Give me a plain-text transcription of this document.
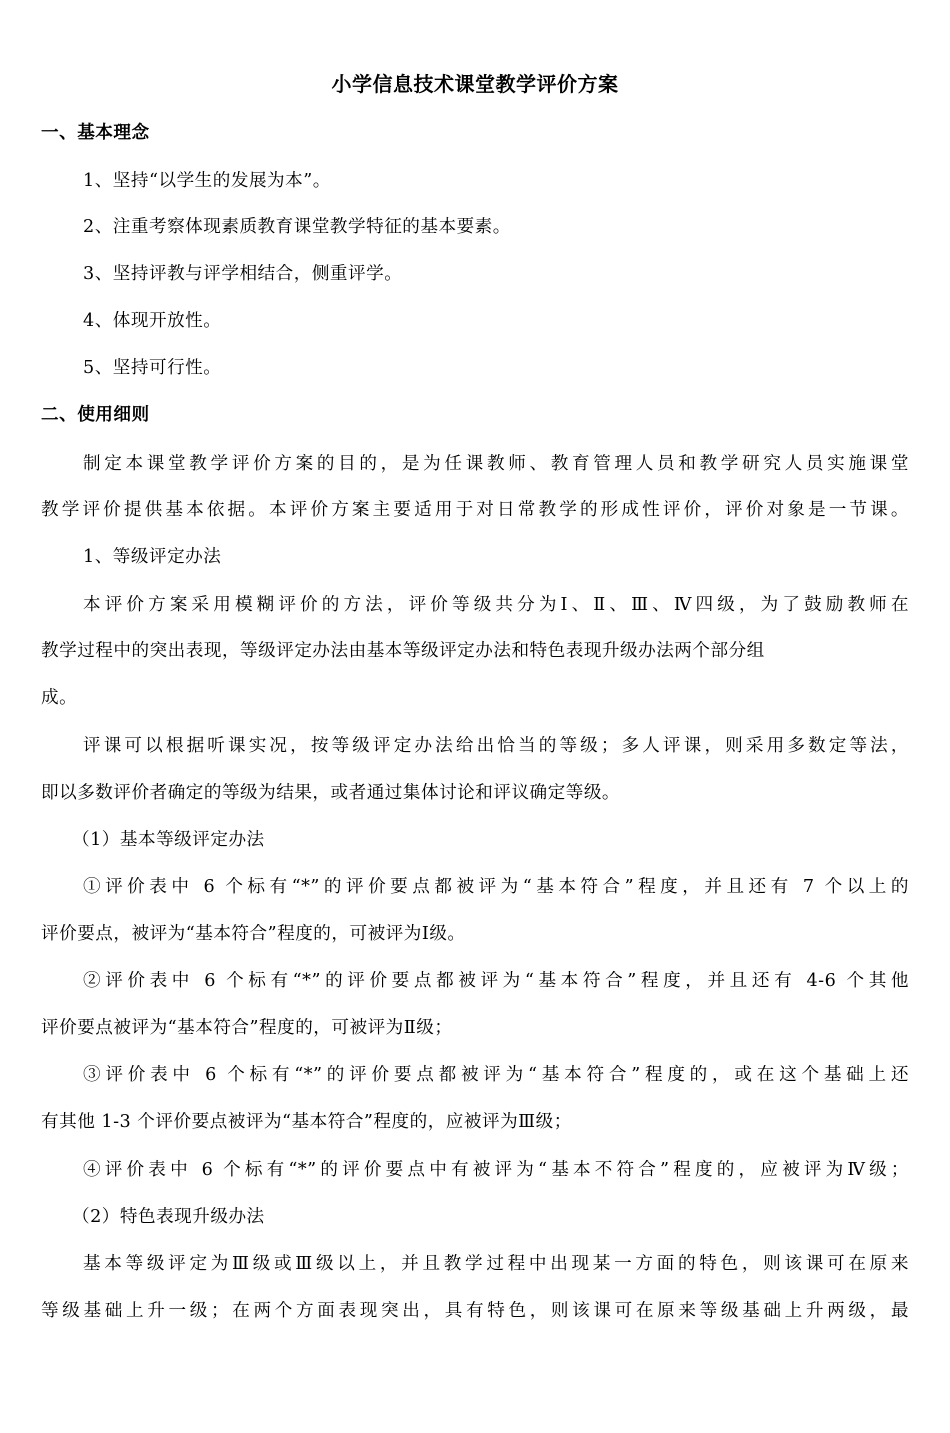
小学信息技术课堂教学评价方案
一、基本理念
1、坚持“以学生的发展为本”。
2、注重考察体现素质教育课堂教学特征的基本要素。
3、坚持评教与评学相结合，侧重评学。
4、体现开放性。
5、坚持可行性。
二、使用细则
制定本课堂教学评价方案的目的，是为任课教师、教育管理人员和教学研究人员实施课堂
教学评价提供基本依据。本评价方案主要适用于对日常教学的形成性评价，评价对象是一节课。
1、等级评定办法
本评价方案采用模糊评价的方法，评价等级共分为Ⅰ、Ⅱ、Ⅲ、Ⅳ四级，为了鼓励教师在
教学过程中的突出表现，等级评定办法由基本等级评定办法和特色表现升级办法两个部分组
成。
评课可以根据听课实况，按等级评定办法给出恰当的等级；多人评课，则采用多数定等法，
即以多数评价者确定的等级为结果，或者通过集体讨论和评议确定等级。
（1）基本等级评定办法
①评价表中 6 个标有“*”的评价要点都被评为“基本符合”程度，并且还有 7 个以上的
评价要点，被评为“基本符合”程度的，可被评为Ⅰ级。
②评价表中 6 个标有“*”的评价要点都被评为“基本符合”程度，并且还有 4-6 个其他
评价要点被评为“基本符合”程度的，可被评为Ⅱ级；
③评价表中 6 个标有“*”的评价要点都被评为“基本符合”程度的，或在这个基础上还
有其他 1-3 个评价要点被评为“基本符合”程度的，应被评为Ⅲ级；
④评价表中 6 个标有“*”的评价要点中有被评为“基本不符合”程度的，应被评为Ⅳ级；
（2）特色表现升级办法
基本等级评定为Ⅲ级或Ⅲ级以上，并且教学过程中出现某一方面的特色，则该课可在原来
等级基础上升一级；在两个方面表现突出，具有特色，则该课可在原来等级基础上升两级，最
